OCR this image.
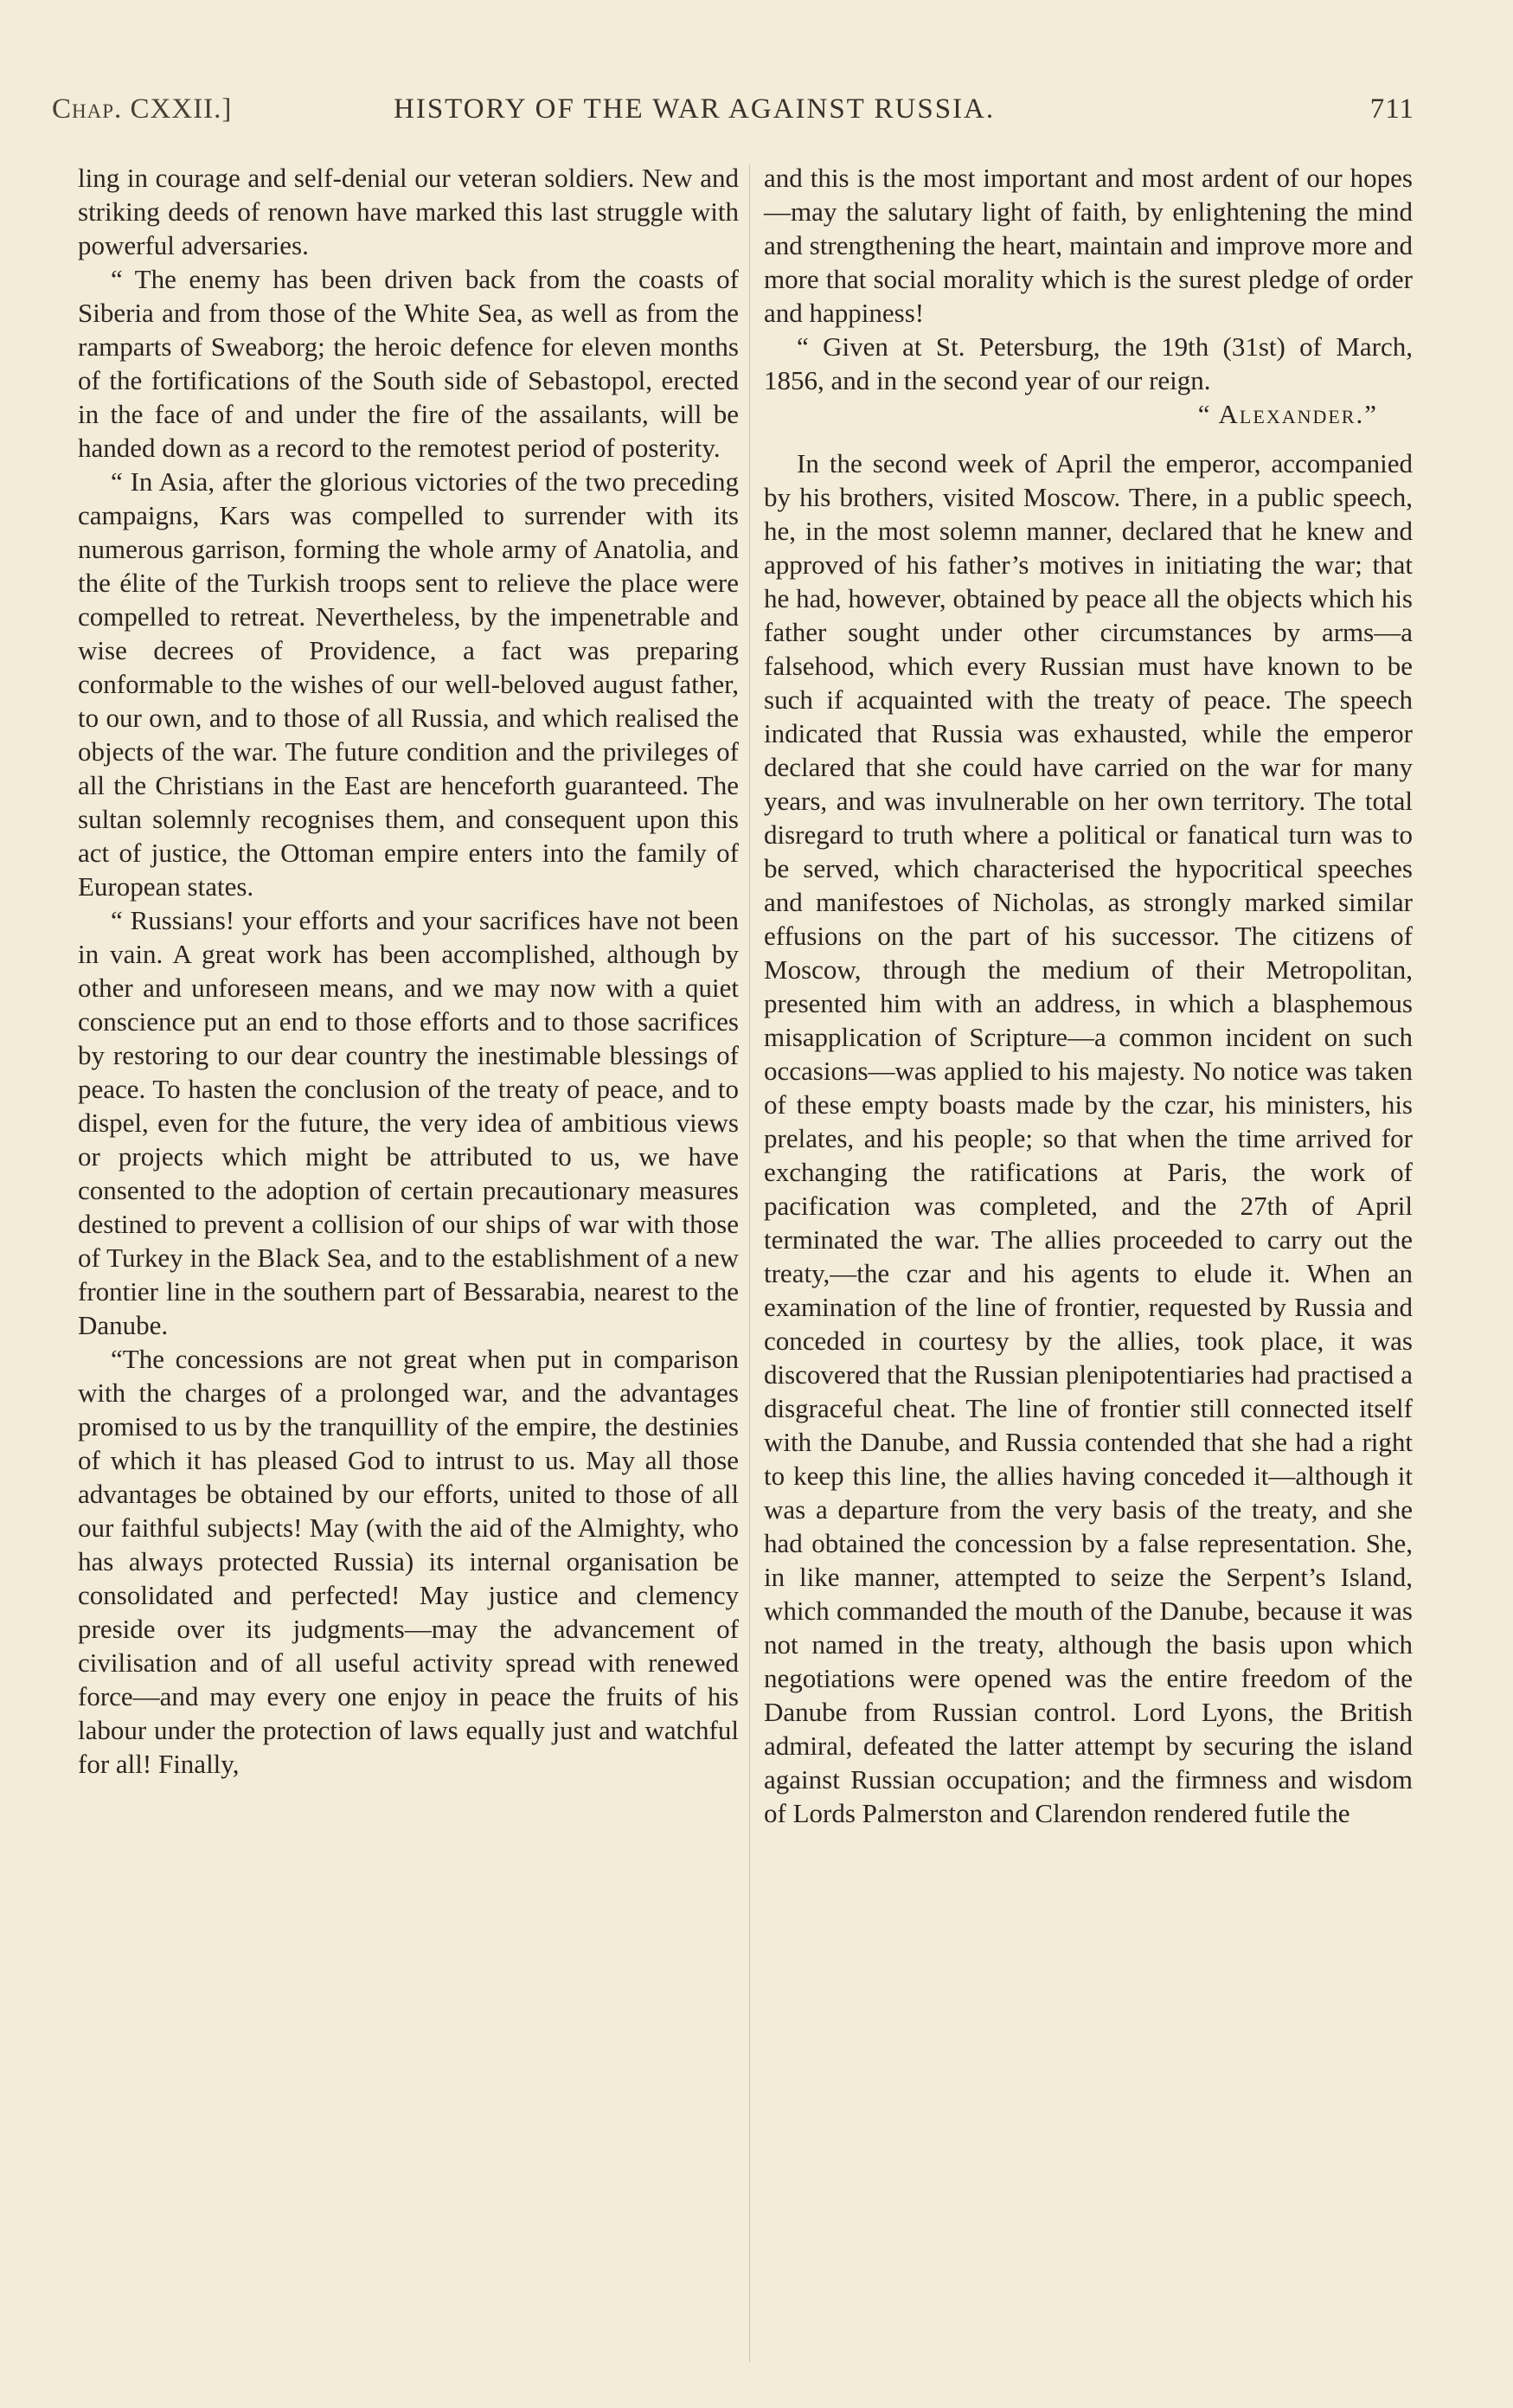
Chap. CXXII.]	HISTORY OF THE WAR AGAINST RUSSIA.	711

ling in courage and self-denial our veteran soldiers. New and striking deeds of renown have marked this last struggle with powerful adversaries.

“ The enemy has been driven back from the coasts of Siberia and from those of the White Sea, as well as from the ramparts of Sweaborg; the heroic defence for eleven months of the fortifications of the South side of Sebastopol, erected in the face of and under the fire of the assailants, will be handed down as a record to the remotest period of posterity.

“ In Asia, after the glorious victories of the two preceding campaigns, Kars was compelled to surrender with its numerous garrison, forming the whole army of Anatolia, and the élite of the Turkish troops sent to relieve the place were compelled to retreat. Nevertheless, by the impenetrable and wise decrees of Providence, a fact was preparing conformable to the wishes of our well-beloved august father, to our own, and to those of all Russia, and which realised the objects of the war. The future condition and the privileges of all the Christians in the East are henceforth guaranteed. The sultan solemnly recognises them, and consequent upon this act of justice, the Ottoman empire enters into the family of European states.

“ Russians! your efforts and your sacrifices have not been in vain. A great work has been accomplished, although by other and unforeseen means, and we may now with a quiet conscience put an end to those efforts and to those sacrifices by restoring to our dear country the inestimable blessings of peace. To hasten the conclusion of the treaty of peace, and to dispel, even for the future, the very idea of ambitious views or projects which might be attributed to us, we have consented to the adoption of certain precautionary measures destined to prevent a collision of our ships of war with those of Turkey in the Black Sea, and to the establishment of a new frontier line in the southern part of Bessarabia, nearest to the Danube.

“The concessions are not great when put in comparison with the charges of a prolonged war, and the advantages promised to us by the tranquillity of the empire, the destinies of which it has pleased God to intrust to us. May all those advantages be obtained by our efforts, united to those of all our faithful subjects! May (with the aid of the Almighty, who has always protected Russia) its internal organisation be consolidated and perfected! May justice and clemency preside over its judgments—may the advancement of civilisation and of all useful activity spread with renewed force—and may every one enjoy in peace the fruits of his labour under the protection of laws equally just and watchful for all! Finally,

and this is the most important and most ardent of our hopes—may the salutary light of faith, by enlightening the mind and strengthening the heart, maintain and improve more and more that social morality which is the surest pledge of order and happiness!

“ Given at St. Petersburg, the 19th (31st) of March, 1856, and in the second year of our reign.

“ Alexander.”

In the second week of April the emperor, accompanied by his brothers, visited Moscow. There, in a public speech, he, in the most solemn manner, declared that he knew and approved of his father’s motives in initiating the war; that he had, however, obtained by peace all the objects which his father sought under other circumstances by arms—a falsehood, which every Russian must have known to be such if acquainted with the treaty of peace. The speech indicated that Russia was exhausted, while the emperor declared that she could have carried on the war for many years, and was invulnerable on her own territory. The total disregard to truth where a political or fanatical turn was to be served, which characterised the hypocritical speeches and manifestoes of Nicholas, as strongly marked similar effusions on the part of his successor. The citizens of Moscow, through the medium of their Metropolitan, presented him with an address, in which a blasphemous misapplication of Scripture—a common incident on such occasions—was applied to his majesty. No notice was taken of these empty boasts made by the czar, his ministers, his prelates, and his people; so that when the time arrived for exchanging the ratifications at Paris, the work of pacification was completed, and the 27th of April terminated the war. The allies proceeded to carry out the treaty,—the czar and his agents to elude it. When an examination of the line of frontier, requested by Russia and conceded in courtesy by the allies, took place, it was discovered that the Russian plenipotentiaries had practised a disgraceful cheat. The line of frontier still connected itself with the Danube, and Russia contended that she had a right to keep this line, the allies having conceded it—although it was a departure from the very basis of the treaty, and she had obtained the concession by a false representation. She, in like manner, attempted to seize the Serpent’s Island, which commanded the mouth of the Danube, because it was not named in the treaty, although the basis upon which negotiations were opened was the entire freedom of the Danube from Russian control. Lord Lyons, the British admiral, defeated the latter attempt by securing the island against Russian occupation; and the firmness and wisdom of Lords Palmerston and Clarendon rendered futile the
